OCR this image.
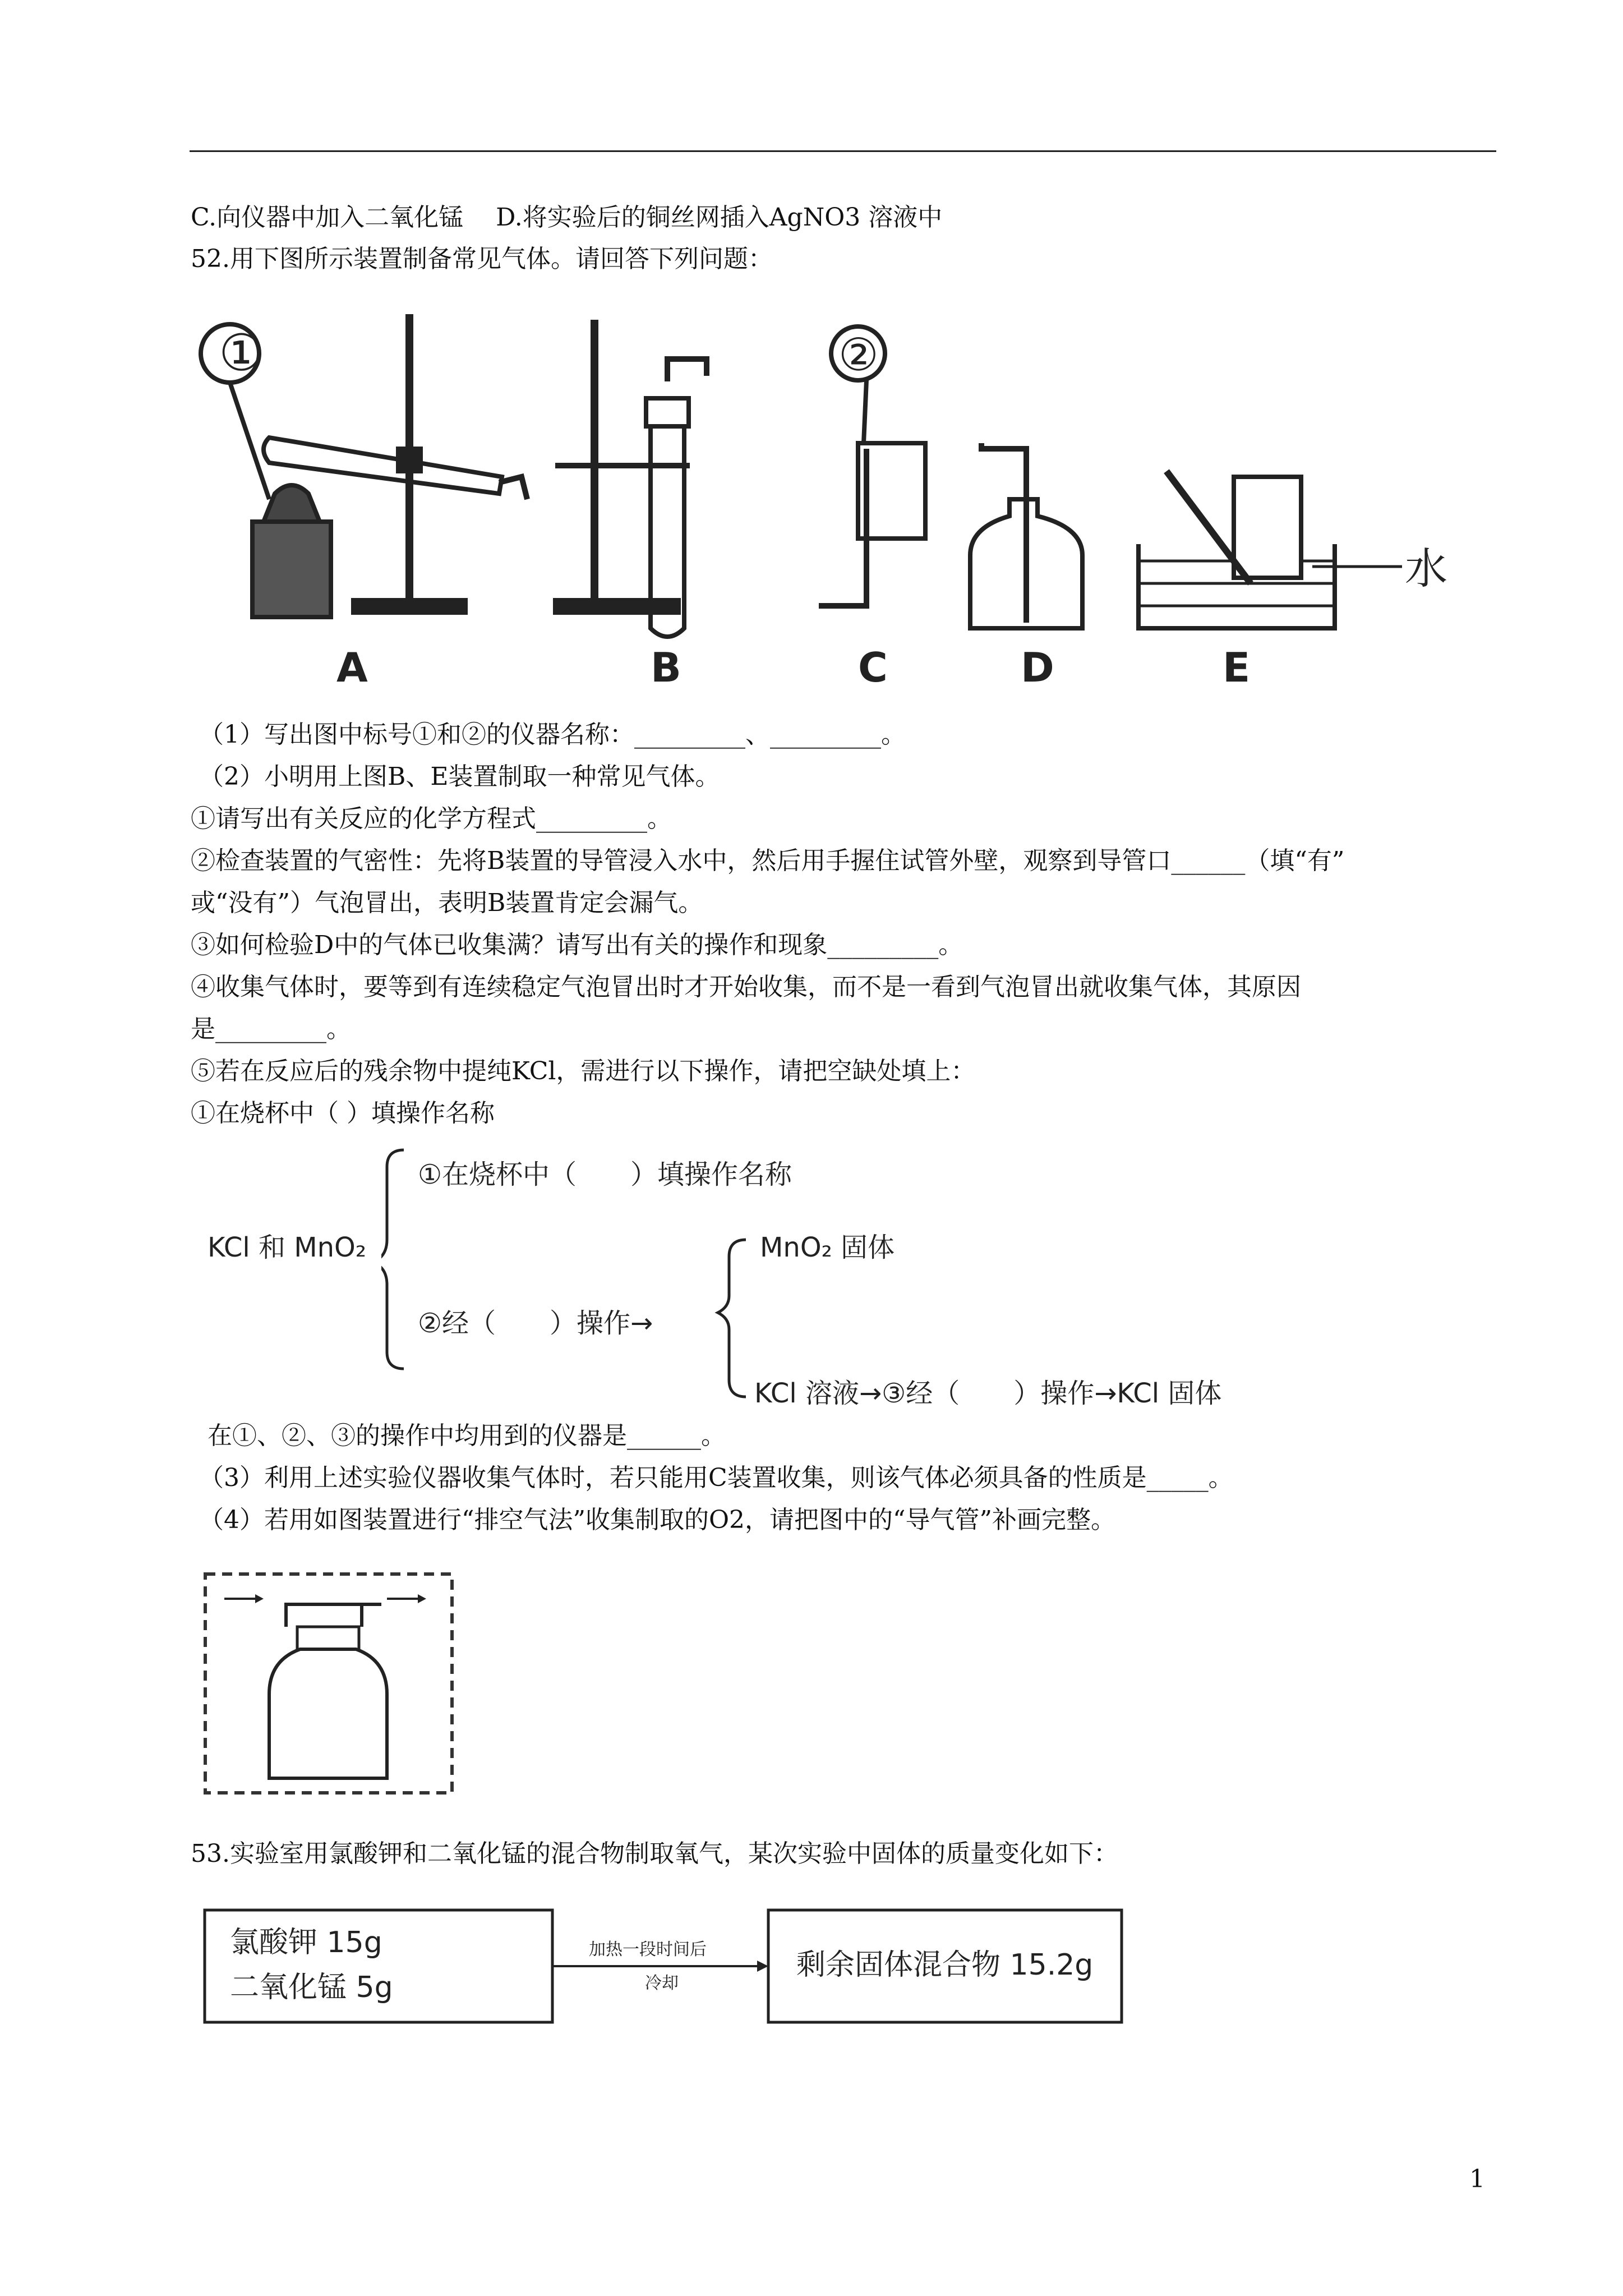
C.向仪器中加入二氧化锰　 D.将实验后的铜丝网插入AgNO3 溶液中
52.用下图所示装置制备常见气体。请回答下列问题：
①	②
水
A	B	C	D	E
（1）写出图中标号①和②的仪器名称：_________、_________。
（2）小明用上图B、E装置制取一种常见气体。
①请写出有关反应的化学方程式_________。
②检查装置的气密性：先将B装置的导管浸入水中，然后用手握住试管外壁，观察到导管口______（填“有”
或“没有”）气泡冒出，表明B装置肯定会漏气。
③如何检验D中的气体已收集满？请写出有关的操作和现象_________。
④收集气体时，要等到有连续稳定气泡冒出时才开始收集，而不是一看到气泡冒出就收集气体，其原因
是_________。
⑤若在反应后的残余物中提纯KCl，需进行以下操作，请把空缺处填上：
①在烧杯中（ ）填操作名称
KCl 和 MnO₂
①在烧杯中（　　）填操作名称
②经（　　）操作→
MnO₂ 固体
KCl 溶液→③经（　　）操作→KCl 固体
在①、②、③的操作中均用到的仪器是______。
（3）利用上述实验仪器收集气体时，若只能用C装置收集，则该气体必须具备的性质是_____。
（4）若用如图装置进行“排空气法”收集制取的O2，请把图中的“导气管”补画完整。
53.实验室用氯酸钾和二氧化锰的混合物制取氧气，某次实验中固体的质量变化如下：
氯酸钾 15g
二氧化锰 5g
加热一段时间后
冷却
剩余固体混合物 15.2g
1
